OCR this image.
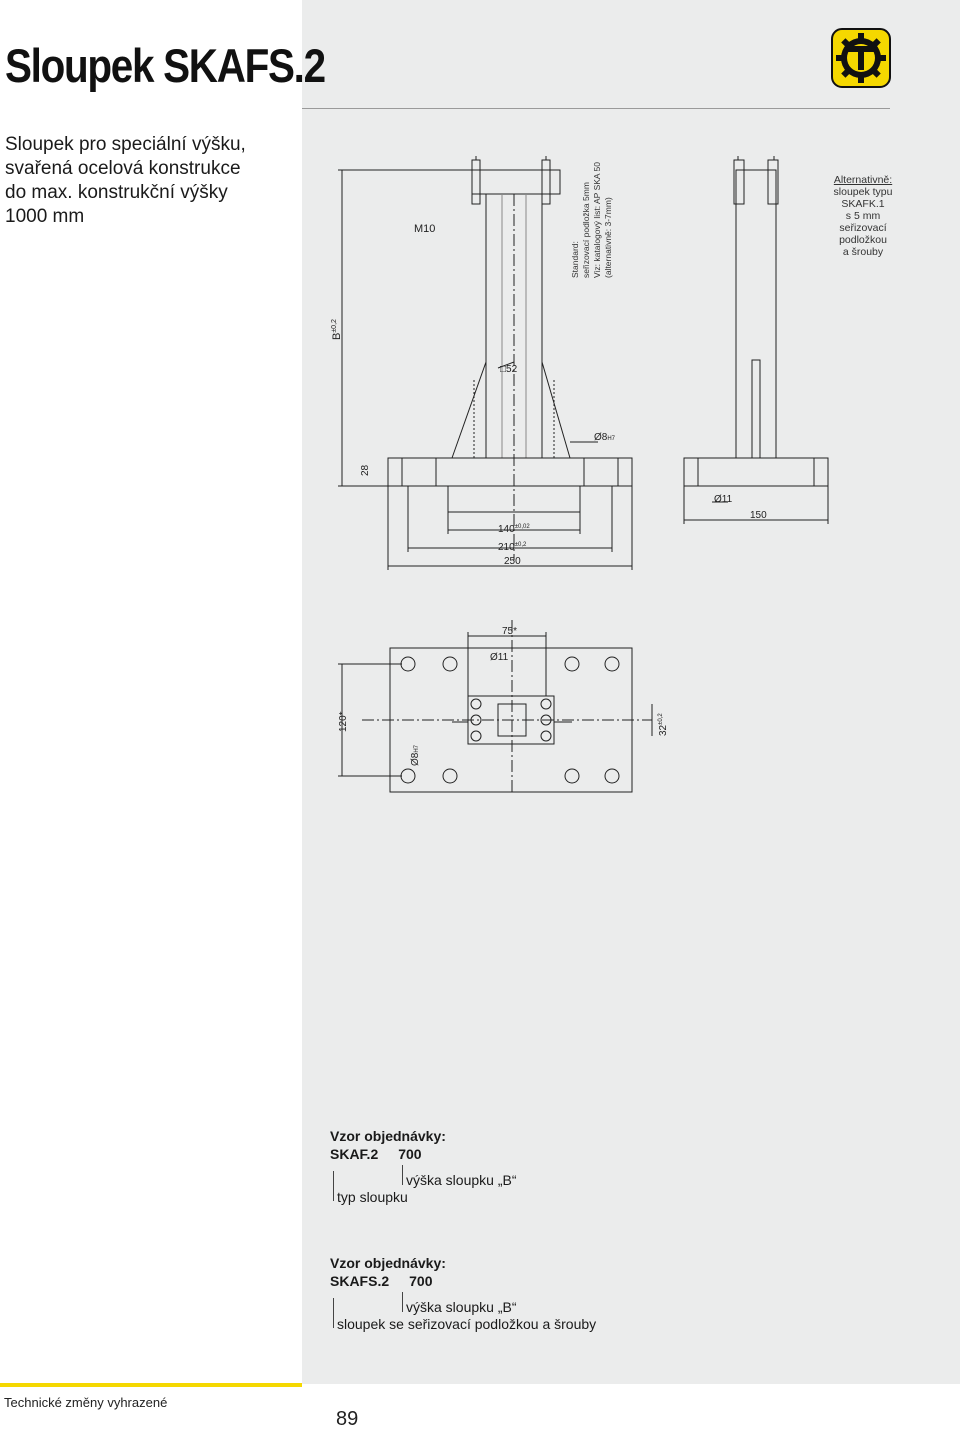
Sloupek SKAFS.2
Sloupek pro speciální výšku,
svařená ocelová konstrukce
do max. konstrukční výšky
1000 mm
M10
$B^{\pm 0,2}$
□52
Ø8H7
28
$140^{\pm 0,02}$
$210^{\pm 0,2}$
250
Ø11
150
Standard: seřizovací podložka 5mm Viz: katalogový list: AP SKA 50 (alternativně: 3-7mm)
Alternativně:
sloupek typu
SKAFK.1
s 5 mm
seřizovací
podložkou
a šrouby
75*
Ø11
120*
Ø8H7
$32^{\pm 0,2}$
Vzor objednávky:
SKAF.2 700
výška sloupku „B“
typ sloupku
Vzor objednávky:
SKAFS.2 700
výška sloupku „B“
sloupek se seřizovací podložkou a šrouby
Technické změny vyhrazené
89
